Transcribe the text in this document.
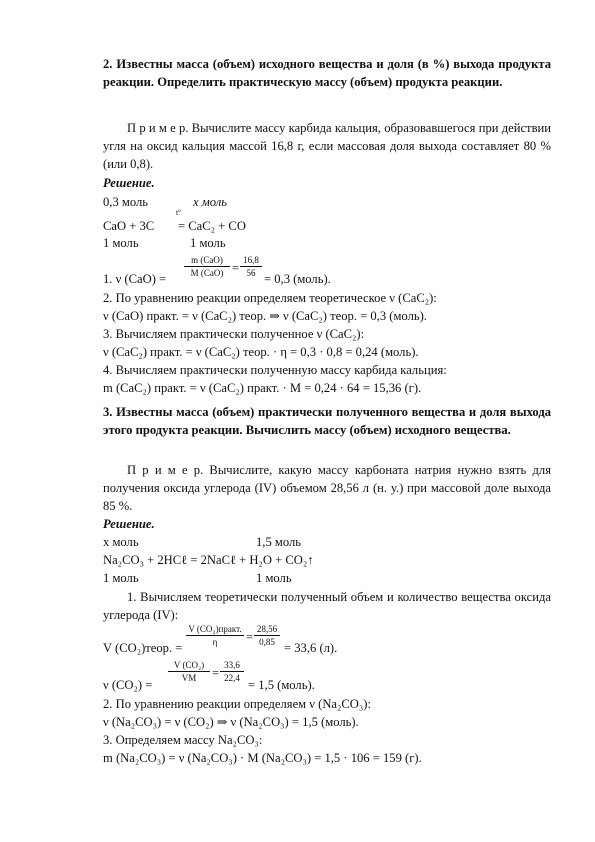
2. Известны масса (объем) исходного вещества и доля (в %) выхода продукта реакции. Определить практическую массу (объем) продукта реакции.
П р и м е р. Вычислите массу карбида кальция, образовавшегося при действии угля на оксид кальция массой 16,8 г, если массовая доля выхода составляет 80 % (или 0,8).
Решение.
0,3 моль	x моль
CaO + 3C
tº
= CaC₂ + CO
1 моль	1 моль
1. ν (CaO) =
m (CaO)
M (CaO) =
16,8
56 = 0,3 (моль).
2. По уравнению реакции определяем теоретическое ν (CaC₂):
ν (CaO) практ. = ν (CaC₂) теор. ⇒ ν (CaC₂) теор. = 0,3 (моль).
3. Вычисляем практически полученное ν (CaC₂):
ν (CaC₂) практ. = ν (CaC₂) теор. · η = 0,3 · 0,8 = 0,24 (моль).
4. Вычисляем практически полученную массу карбида кальция:
m (CaC₂) практ. = ν (CaC₂) практ. · M = 0,24 · 64 = 15,36 (г).
3. Известны масса (объем) практически полученного вещества и доля выхода этого продукта реакции. Вычислить массу (объем) исходного вещества.
П р и м е р. Вычислите, какую массу карбоната натрия нужно взять для получения оксида углерода (IV) объемом 28,56 л (н. у.) при массовой доле выхода 85 %.
Решение.
x моль	1,5 моль
Na₂CO₃ + 2HCℓ = 2NaCℓ + H₂O + CO₂↑
1 моль	1 моль
1. Вычисляем теоретически полученный объем и количество вещества оксида углерода (IV):
V (CO₂)теор. =
V (CO₂)практ.
η	=
28,56
0,85 = 33,6 (л).
ν (CO₂) =
V (CO₂)
VM	=
33,6
22,4 = 1,5 (моль).
2. По уравнению реакции определяем ν (Na₂CO₃):
ν (Na₂CO₃) = ν (CO₂) ⇒ ν (Na₂CO₃) = 1,5 (моль).
3. Определяем массу Na₂CO₃:
m (Na₂CO₃) = ν (Na₂CO₃) · M (Na₂CO₃) = 1,5 · 106 = 159 (г).
